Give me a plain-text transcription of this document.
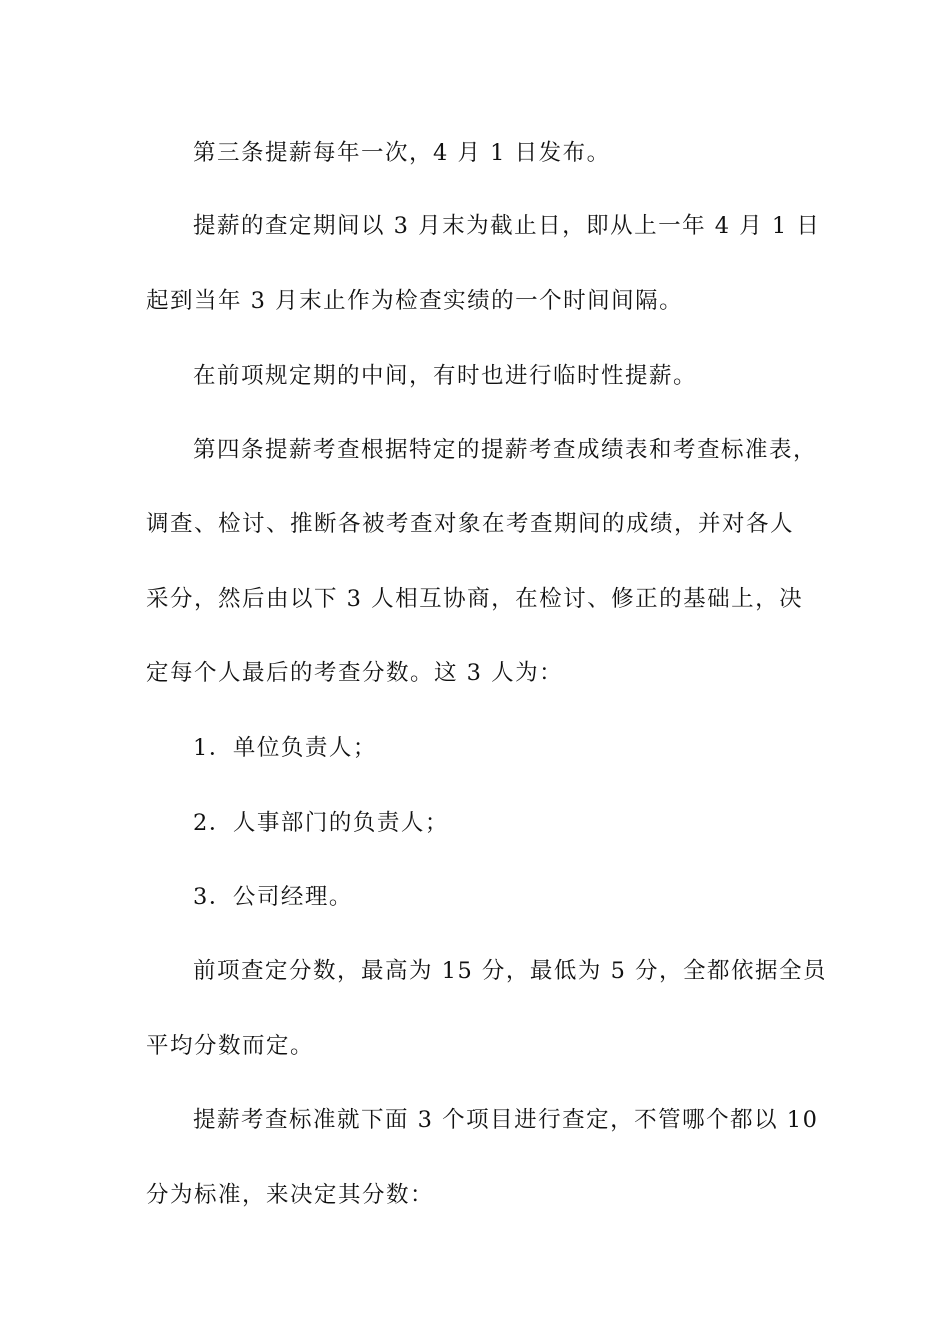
第三条提薪每年一次，4 月 1 日发布。
提薪的查定期间以 3 月末为截止日，即从上一年 4 月 1 日
起到当年 3 月末止作为检查实绩的一个时间间隔。
在前项规定期的中间，有时也进行临时性提薪。
第四条提薪考查根据特定的提薪考查成绩表和考查标准表，
调查、检讨、推断各被考查对象在考查期间的成绩，并对各人
采分，然后由以下 3 人相互协商，在检讨、修正的基础上，决
定每个人最后的考查分数。这 3 人为：
1．单位负责人；
2．人事部门的负责人；
3．公司经理。
前项查定分数，最高为 15 分，最低为 5 分，全都依据全员
平均分数而定。
提薪考查标准就下面 3 个项目进行查定，不管哪个都以 10
分为标准，来决定其分数：
